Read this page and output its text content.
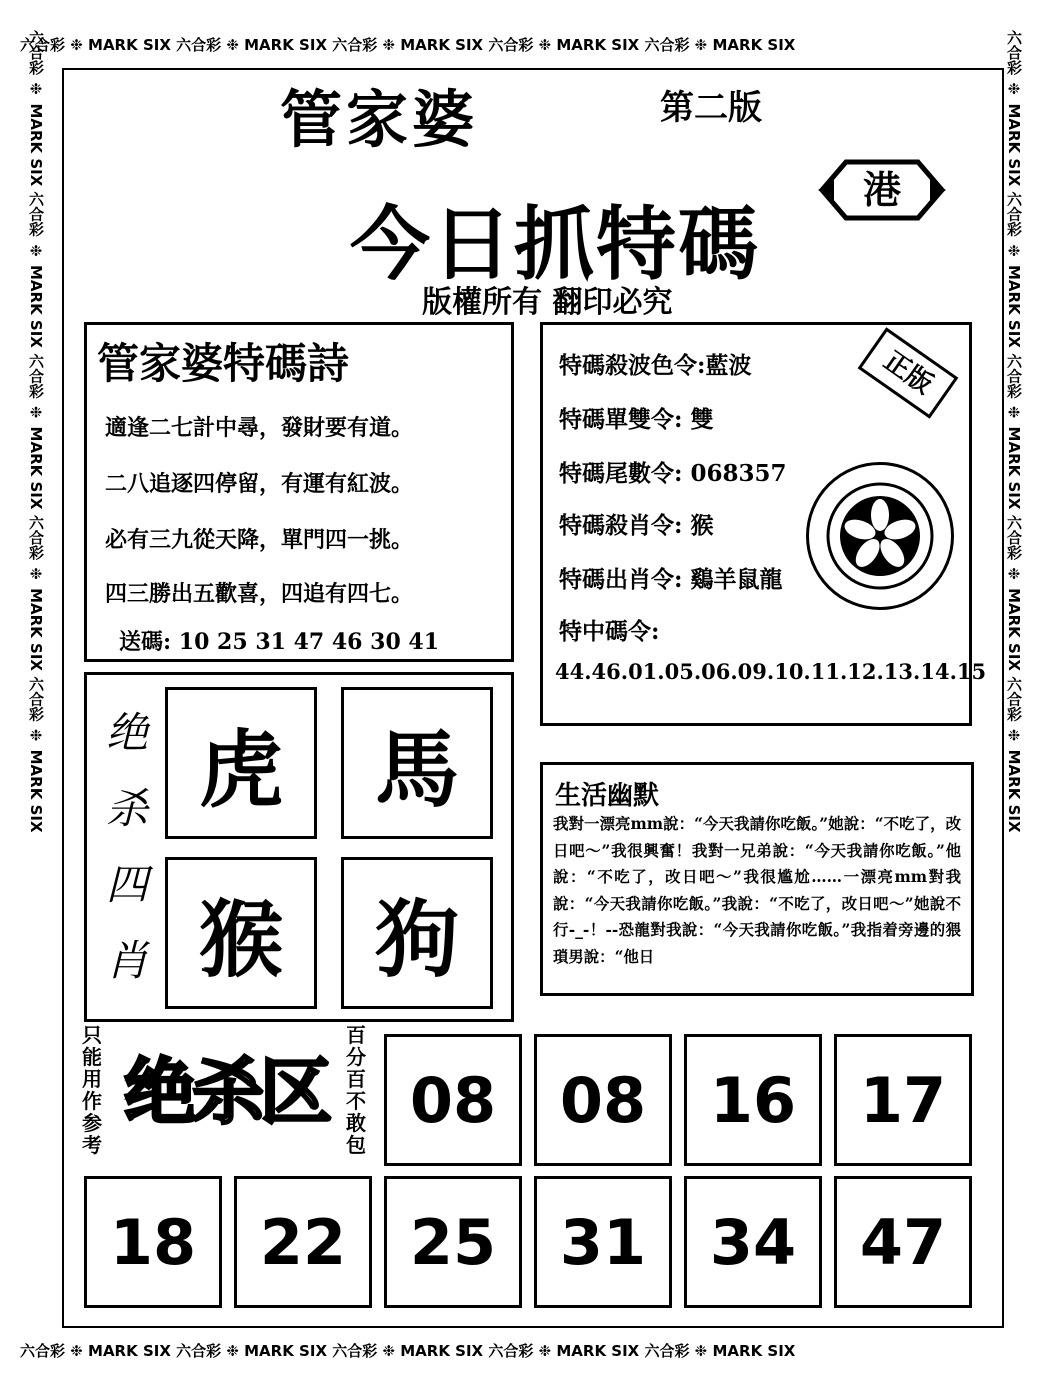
六合彩 ❉ MARK SIX 六合彩 ❉ MARK SIX 六合彩 ❉ MARK SIX 六合彩 ❉ MARK SIX 六合彩 ❉ MARK SIX
六合彩 ❉ MARK SIX 六合彩 ❉ MARK SIX 六合彩 ❉ MARK SIX 六合彩 ❉ MARK SIX 六合彩 ❉ MARK SIX
六合彩 ❉ MARK SIX 六合彩 ❉ MARK SIX 六合彩 ❉ MARK SIX 六合彩 ❉ MARK SIX 六合彩 ❉ MARK SIX	六合彩 ❉ MARK SIX 六合彩 ❉ MARK SIX 六合彩 ❉ MARK SIX 六合彩 ❉ MARK SIX 六合彩 ❉ MARK SIX
管家婆	第二版
今日抓特碼
版權所有 翻印必究
港
管家婆特碼詩
適逢二七計中尋，發財要有道。
二八追逐四停留，有運有紅波。
必有三九從天降，單門四一挑。
四三勝出五歡喜，四追有四七。
送碼: 10 25 31 47 46 30 41
特碼殺波色令:藍波
特碼單雙令: 雙
特碼尾數令: 068357
特碼殺肖令: 猴
特碼出肖令: 鷄羊鼠龍
特中碼令:
44.46.01.05.06.09.10.11.12.13.14.15
正版
绝
杀
四
肖
虎	馬
猴	狗
生活幽默
我對一漂亮mm說：“今天我請你吃飯。”她說：“不吃了，改日吧～”我很興奮！我對一兄弟說：“今天我請你吃飯。”他說：“不吃了，改日吧～”我很尴尬……一漂亮mm對我說：“今天我請你吃飯。”我說：“不吃了，改日吧～”她說不行-_-！--恐龍對我說：“今天我請你吃飯。”我指着旁邊的猥瑣男說：“他日
只能用作参考
绝杀区
百分百不敢包
08	08	16	17
18	22	25	31	34	47
